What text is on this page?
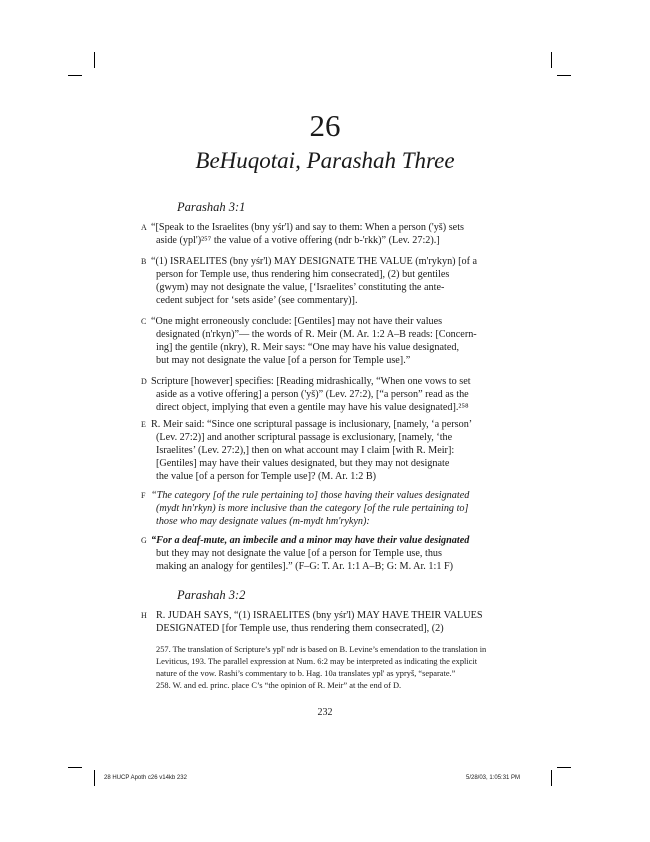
26
BeHuqotai, Parashah Three
Parashah 3:1
A “[Speak to the Israelites (bny yśr'l) and say to them: When a person ('yš) sets
aside (ypl')²⁵⁷ the value of a votive offering (ndr b-'rkk)” (Lev. 27:2).]
B “(1) ISRAELITES (bny yśr'l) MAY DESIGNATE THE VALUE (m'rykyn) [of a
person for Temple use, thus rendering him consecrated], (2) but gentiles
(gwym) may not designate the value, [‘Israelites’ constituting the ante-
cedent subject for ‘sets aside’ (see commentary)].
C “One might erroneously conclude: [Gentiles] may not have their values
designated (n'rkyn)”— the words of R. Meir (M. Ar. 1:2 A–B reads: [Concern-
ing] the gentile (nkry), R. Meir says: “One may have his value designated,
but may not designate the value [of a person for Temple use].”
D Scripture [however] specifies: [Reading midrashically, “When one vows to set
aside as a votive offering] a person ('yš)” (Lev. 27:2), [“a person” read as the
direct object, implying that even a gentile may have his value designated].²⁵⁸
E R. Meir said: “Since one scriptural passage is inclusionary, [namely, ‘a person’
(Lev. 27:2)] and another scriptural passage is exclusionary, [namely, ‘the
Israelites’ (Lev. 27:2),] then on what account may I claim [with R. Meir]:
[Gentiles] may have their values designated, but they may not designate
the value [of a person for Temple use]? (M. Ar. 1:2 B)
F “The category [of the rule pertaining to] those having their values designated
(mydt hn'rkyn) is more inclusive than the category [of the rule pertaining to]
those who may designate values (m-mydt hm'rykyn):
G “For a deaf-mute, an imbecile and a minor may have their value designated
but they may not designate the value [of a person for Temple use, thus
making an analogy for gentiles].” (F–G: T. Ar. 1:1 A–B; G: M. Ar. 1:1 F)
Parashah 3:2
H R. JUDAH SAYS, “(1) ISRAELITES (bny yśr'l) MAY HAVE THEIR VALUES
DESIGNATED [for Temple use, thus rendering them consecrated], (2)
257. The translation of Scripture’s ypl' ndr is based on B. Levine’s emendation to the translation in
Leviticus, 193. The parallel expression at Num. 6:2 may be interpreted as indicating the explicit
nature of the vow. Rashi’s commentary to b. Hag. 10a translates ypl' as ypryš, “separate.”
258. W. and ed. princ. place C’s “the opinion of R. Meir” at the end of D.
232
28 HUCP Apoth c26 v14kb 232	5/28/03, 1:05:31 PM
